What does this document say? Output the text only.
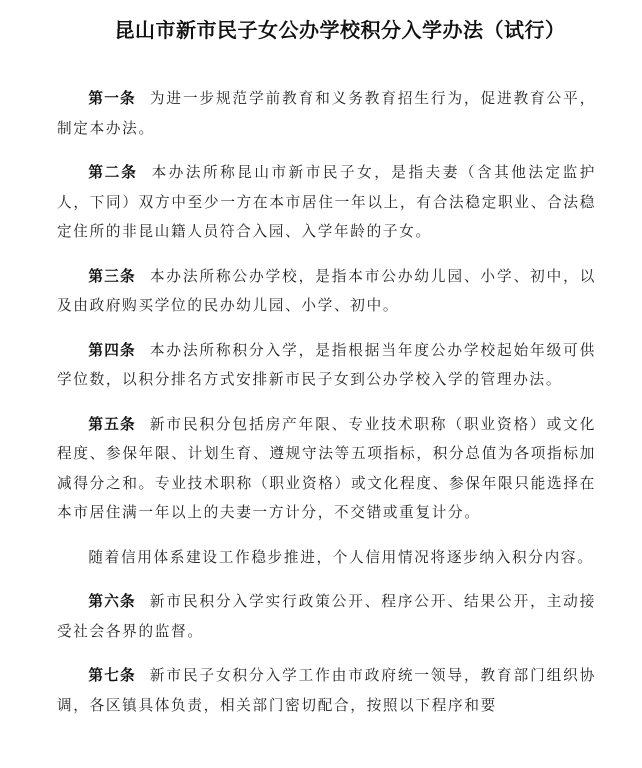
昆山市新市民子女公办学校积分入学办法（试行）

第一条 为进一步规范学前教育和义务教育招生行为，促进教育公平，制定本办法。

第二条 本办法所称昆山市新市民子女，是指夫妻（含其他法定监护人，下同）双方中至少一方在本市居住一年以上，有合法稳定职业、合法稳定住所的非昆山籍人员符合入园、入学年龄的子女。

第三条 本办法所称公办学校，是指本市公办幼儿园、小学、初中，以及由政府购买学位的民办幼儿园、小学、初中。

第四条 本办法所称积分入学，是指根据当年度公办学校起始年级可供学位数，以积分排名方式安排新市民子女到公办学校入学的管理办法。

第五条 新市民积分包括房产年限、专业技术职称（职业资格）或文化程度、参保年限、计划生育、遵规守法等五项指标，积分总值为各项指标加减得分之和。专业技术职称（职业资格）或文化程度、参保年限只能选择在本市居住满一年以上的夫妻一方计分，不交错或重复计分。

随着信用体系建设工作稳步推进，个人信用情况将逐步纳入积分内容。

第六条 新市民积分入学实行政策公开、程序公开、结果公开，主动接受社会各界的监督。

第七条 新市民子女积分入学工作由市政府统一领导，教育部门组织协调，各区镇具体负责，相关部门密切配合，按照以下程序和要
